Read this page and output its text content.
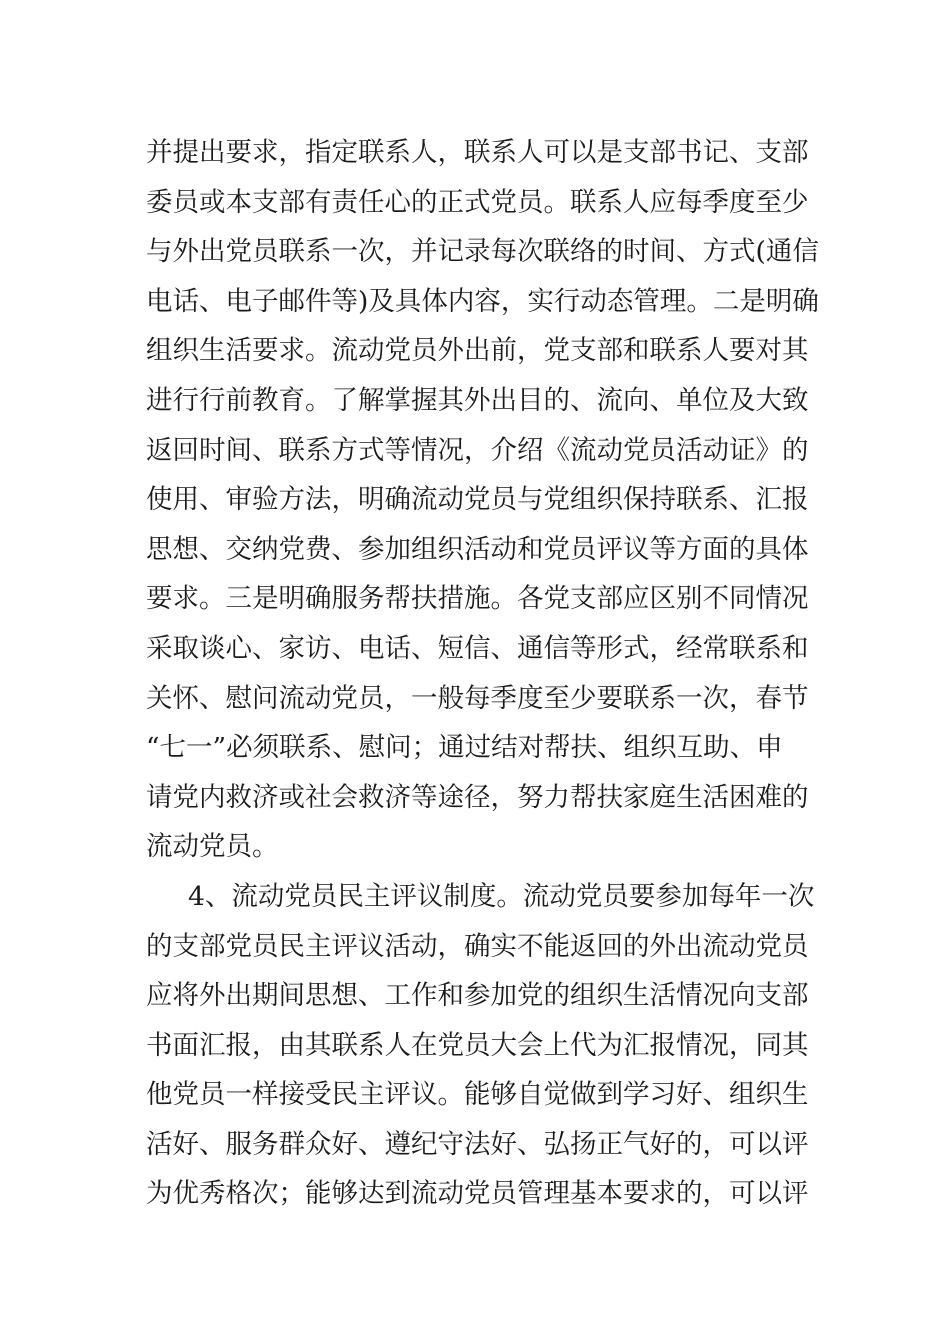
并提出要求，指定联系人，联系人可以是支部书记、支部
委员或本支部有责任心的正式党员。联系人应每季度至少
与外出党员联系一次，并记录每次联络的时间、方式(通信
电话、电子邮件等)及具体内容，实行动态管理。二是明确
组织生活要求。流动党员外出前，党支部和联系人要对其
进行行前教育。了解掌握其外出目的、流向、单位及大致
返回时间、联系方式等情况，介绍《流动党员活动证》的
使用、审验方法，明确流动党员与党组织保持联系、汇报
思想、交纳党费、参加组织活动和党员评议等方面的具体
要求。三是明确服务帮扶措施。各党支部应区别不同情况
采取谈心、家访、电话、短信、通信等形式，经常联系和
关怀、慰问流动党员，一般每季度至少要联系一次，春节
“七一”必须联系、慰问；通过结对帮扶、组织互助、申
请党内救济或社会救济等途径，努力帮扶家庭生活困难的
流动党员。
4、流动党员民主评议制度。流动党员要参加每年一次
的支部党员民主评议活动，确实不能返回的外出流动党员
应将外出期间思想、工作和参加党的组织生活情况向支部
书面汇报，由其联系人在党员大会上代为汇报情况，同其
他党员一样接受民主评议。能够自觉做到学习好、组织生
活好、服务群众好、遵纪守法好、弘扬正气好的，可以评
为优秀格次；能够达到流动党员管理基本要求的，可以评
